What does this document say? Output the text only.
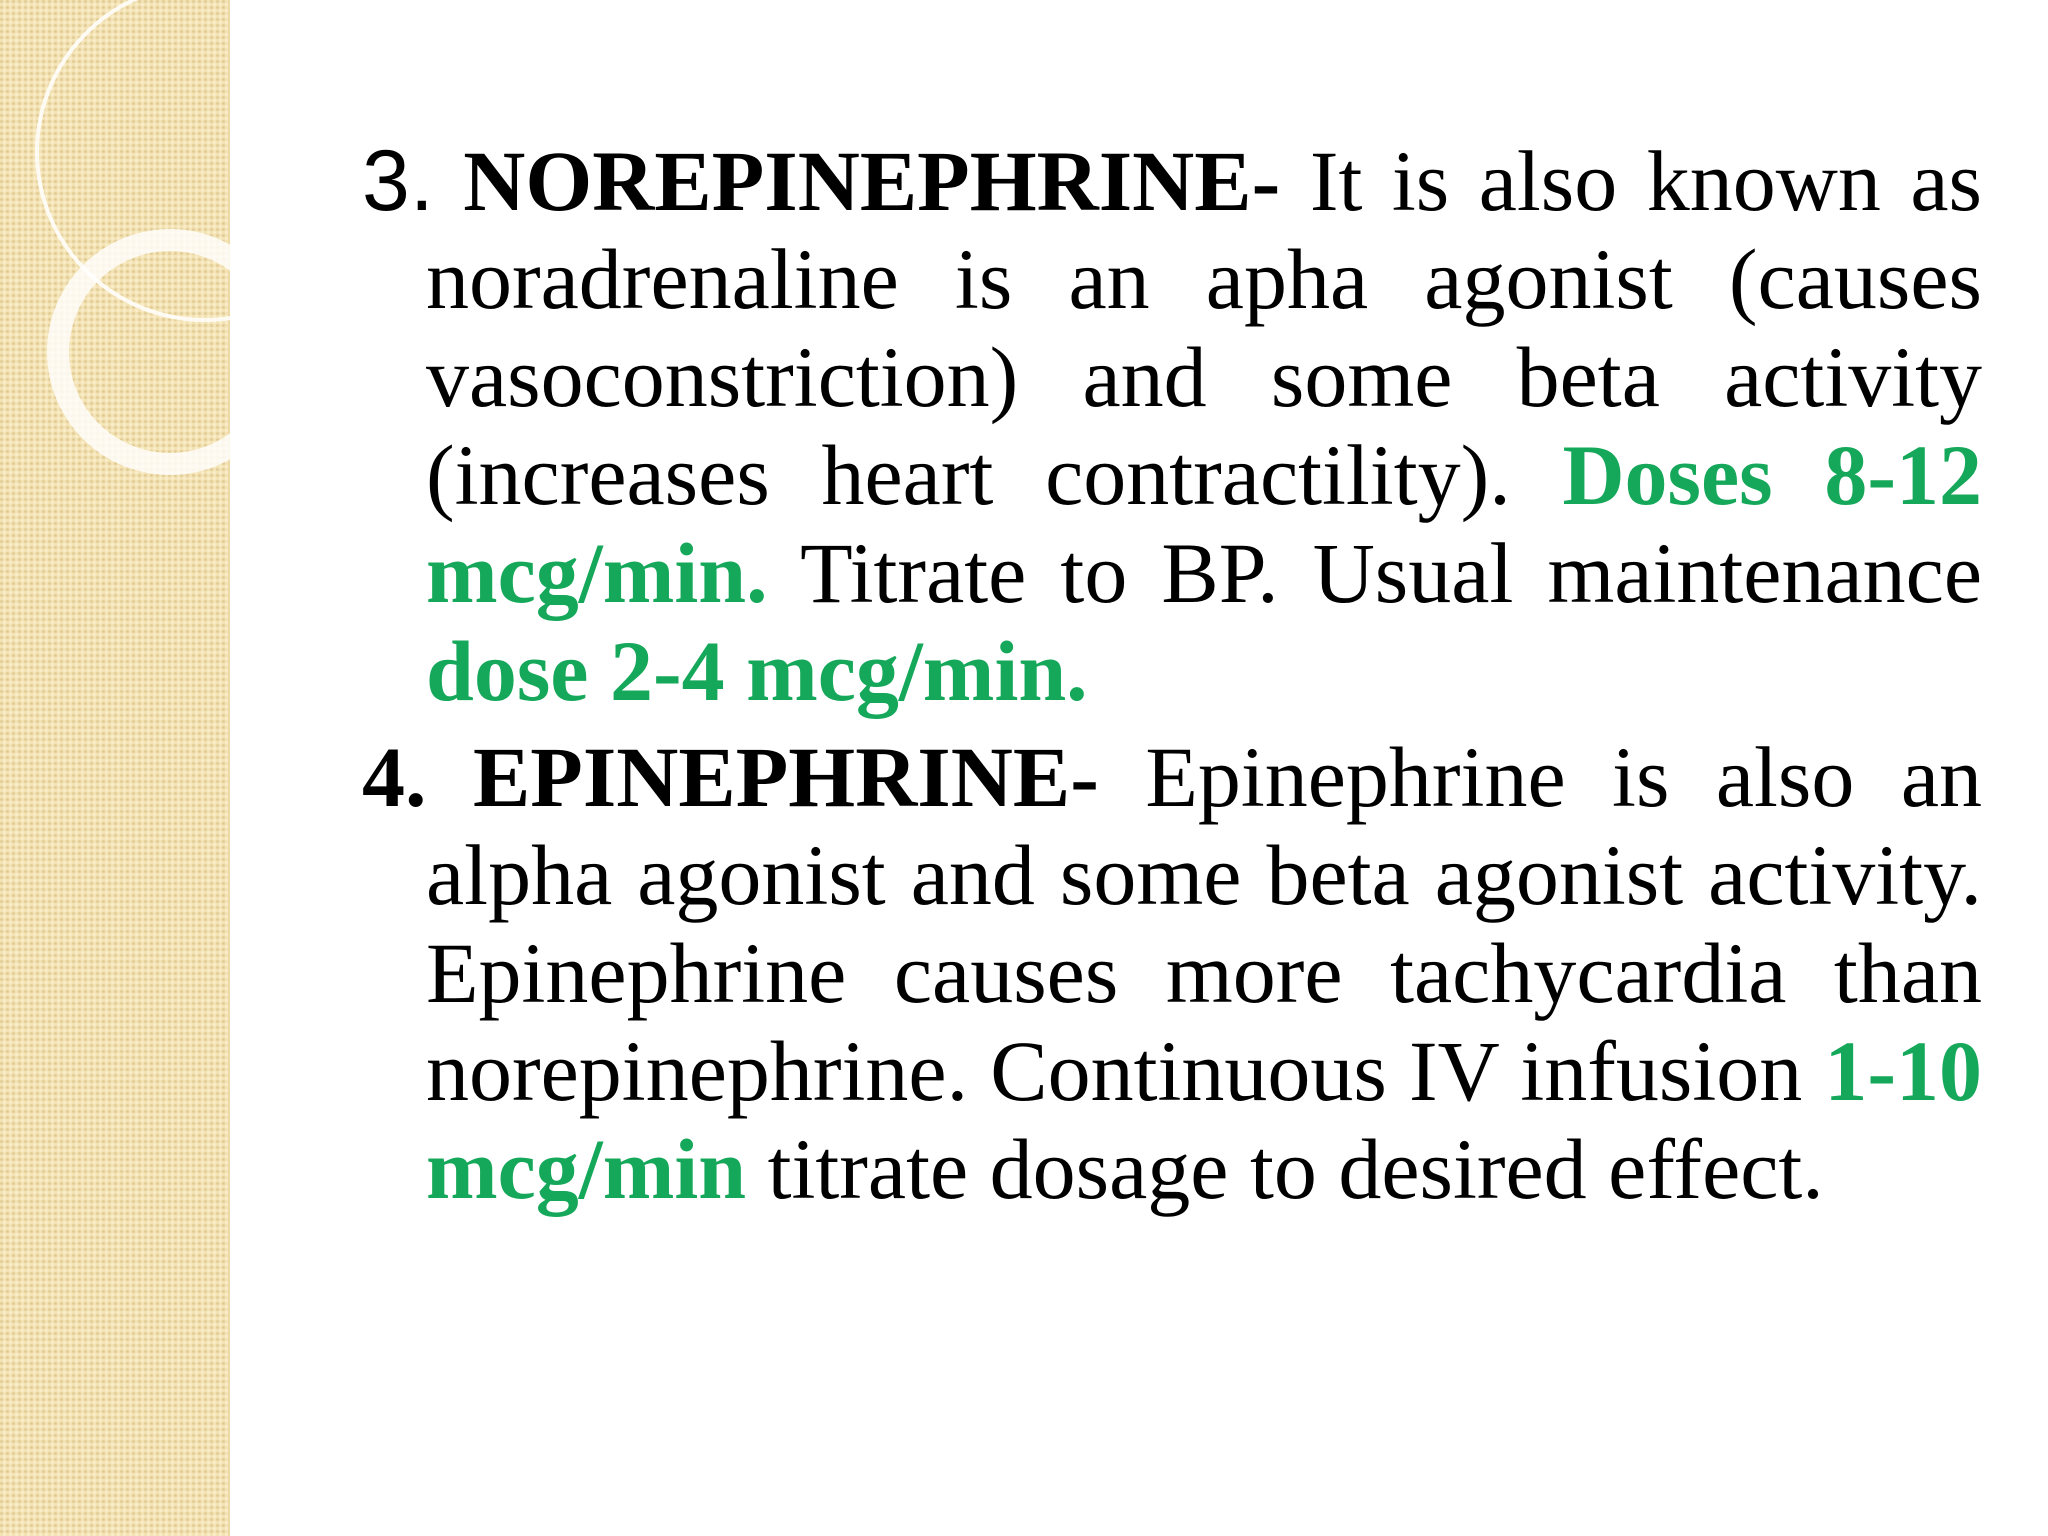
3. NOREPINEPHRINE- It is also known as noradrenaline is an apha agonist (causes vasoconstriction) and some beta activity (increases heart contractility). Doses 8-12 mcg/min. Titrate to BP. Usual maintenance dose 2-4 mcg/min.

4. EPINEPHRINE- Epinephrine is also an alpha agonist and some beta agonist activity. Epinephrine causes more tachycardia than norepinephrine. Continuous IV infusion 1-10 mcg/min titrate dosage to desired effect.
